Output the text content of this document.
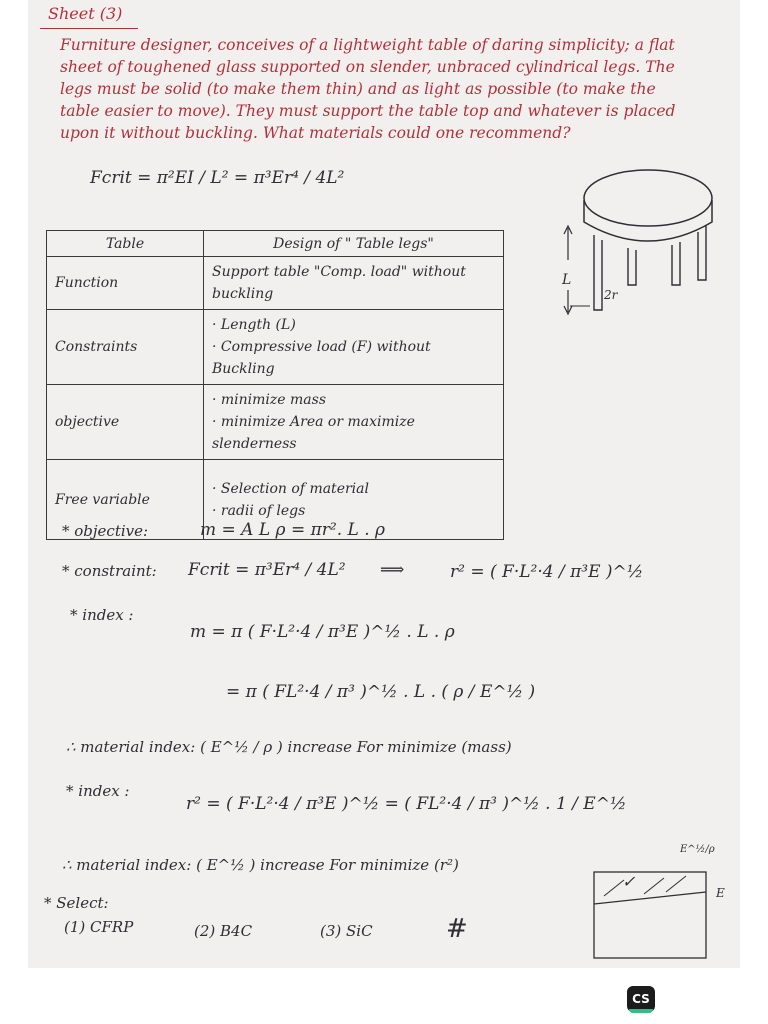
Sheet (3)
Furniture designer, conceives of a lightweight table of daring simplicity; a flat sheet of toughened glass supported on slender, unbraced cylindrical legs. The legs must be solid (to make them thin) and as light as possible (to make the table easier to move). They must support the table top and whatever is placed upon it without buckling. What materials could one recommend?
Fcrit = π²EI / L² = π³Er⁴ / 4L²
Table	Design of " Table legs"
Function	Support table "Comp. load" without buckling

Constraints	· Length (L)
· Compressive load (F) without Buckling

objective	· minimize mass
· minimize Area or maximize slenderness

Free variable	· Selection of material
· radii of legs
L
2r
* objective:	m = A L ρ = πr². L . ρ
* constraint: Fcrit = π³Er⁴ / 4L² ⟹	r² = ( F·L²·4 / π³E )^½
* index :
m = π ( F·L²·4 / π³E )^½ . L . ρ
= π ( FL²·4 / π³ )^½ . L . ( ρ / E^½ )
∴ material index: ( E^½ / ρ ) increase For minimize (mass)
* index :
r² = ( F·L²·4 / π³E )^½ = ( FL²·4 / π³ )^½ . 1 / E^½
∴ material index: ( E^½ ) increase For minimize (r²)
✓
E^½/ρ
E
* Select:
(1) CFRP	(2) B4C	(3) SiC	#
CS
